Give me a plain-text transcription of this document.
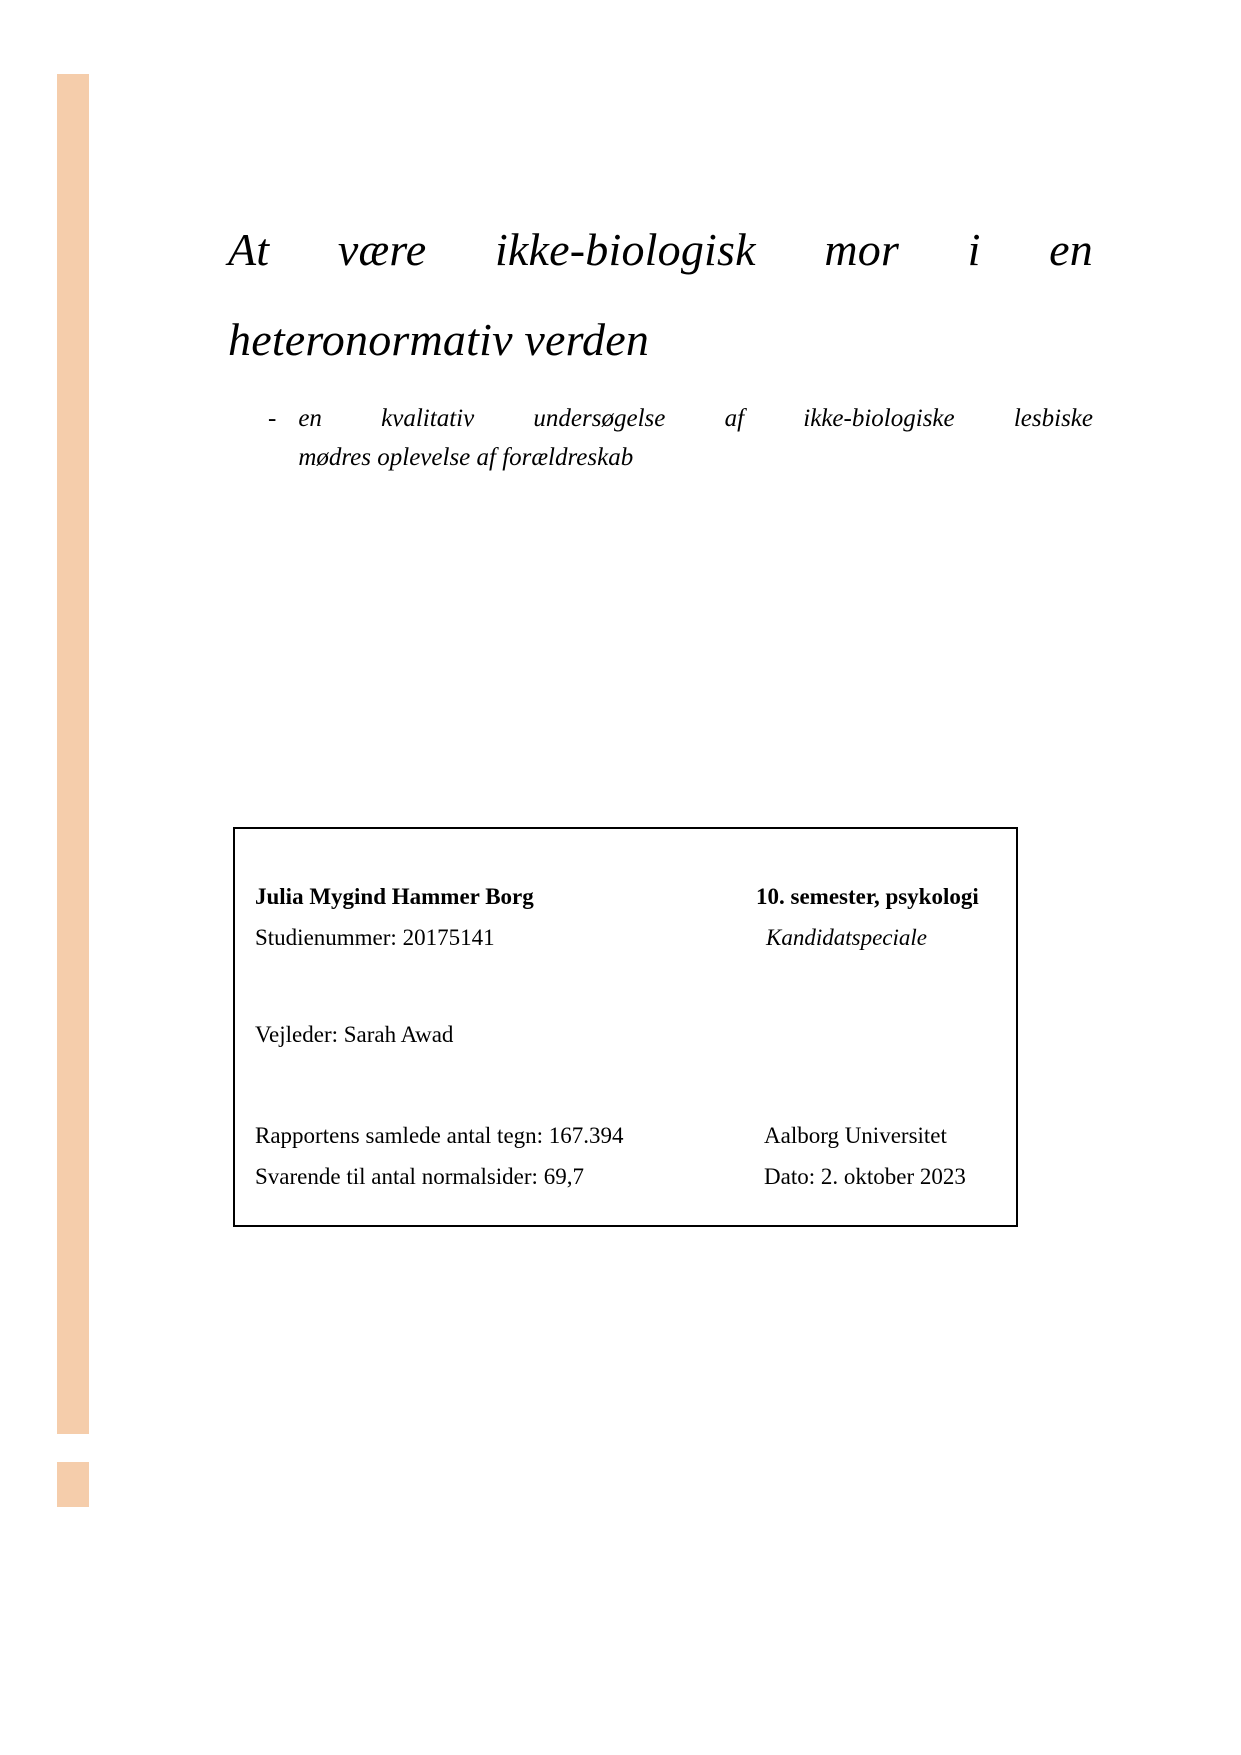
At være ikke-biologisk mor i en
heteronormativ verden
- en kvalitativ undersøgelse af ikke-biologiske lesbiske
mødres oplevelse af forældreskab
Julia Mygind Hammer Borg	10. semester, psykologi
Studienummer: 20175141	Kandidatspeciale
Vejleder: Sarah Awad
Rapportens samlede antal tegn: 167.394	Aalborg Universitet
Svarende til antal normalsider: 69,7	Dato: 2. oktober 2023
